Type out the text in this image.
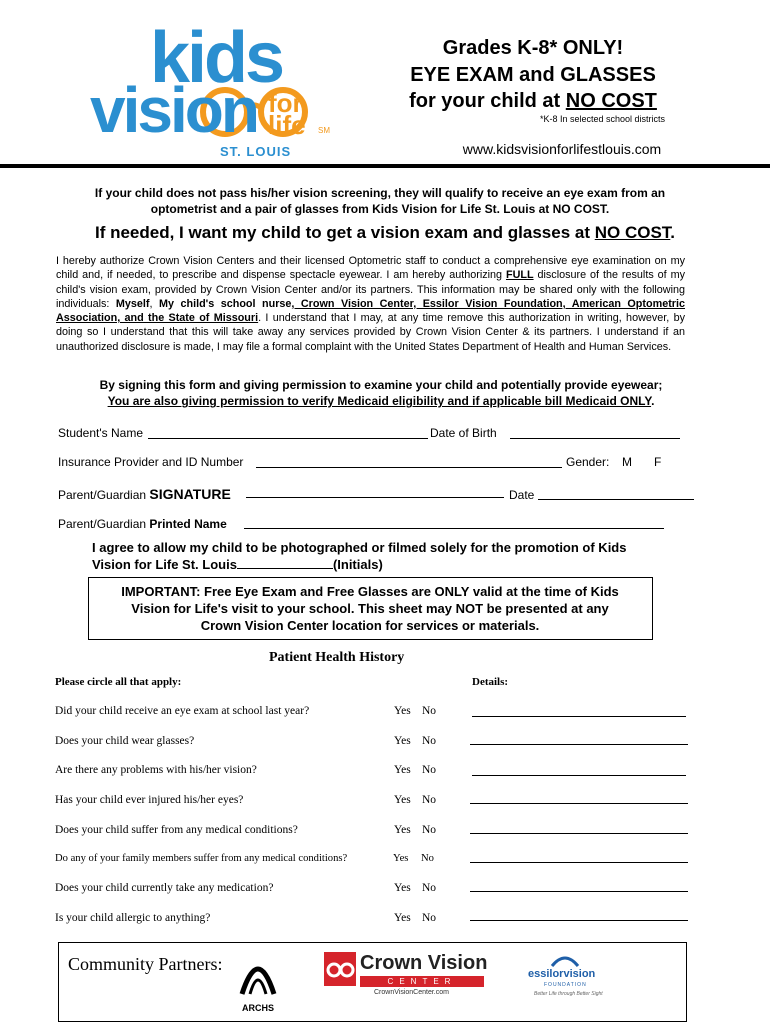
kids
vision for
life SM
ST. LOUIS
Grades K-8* ONLY!
EYE EXAM and GLASSES
for your child at NO COST
*K-8 In selected school districts
www.kidsvisionforlifestlouis.com
If your child does not pass his/her vision screening, they will qualify to receive an eye exam from an optometrist and a pair of glasses from Kids Vision for Life St. Louis at NO COST.
If needed, I want my child to get a vision exam and glasses at NO COST.
I hereby authorize Crown Vision Centers and their licensed Optometric staff to conduct a comprehensive eye examination on my child and, if needed, to prescribe and dispense spectacle eyewear. I am hereby authorizing FULL disclosure of the results of my child's vision exam, provided by Crown Vision Center and/or its partners. This information may be shared only with the following individuals: Myself, My child's school nurse, Crown Vision Center, Essilor Vision Foundation, American Optometric Association, and the State of Missouri. I understand that I may, at any time remove this authorization in writing, however, by doing so I understand that this will take away any services provided by Crown Vision Center & its partners. I understand if an unauthorized disclosure is made, I may file a formal complaint with the United States Department of Health and Human Services.
By signing this form and giving permission to examine your child and potentially provide eyewear;
You are also giving permission to verify Medicaid eligibility and if applicable bill Medicaid ONLY.
Student's Name	Date of Birth
Insurance Provider and ID Number	Gender: M F
Parent/Guardian SIGNATURE	Date
Parent/Guardian Printed Name
I agree to allow my child to be photographed or filmed solely for the promotion of Kids
Vision for Life St. Louis	(Initials)
IMPORTANT: Free Eye Exam and Free Glasses are ONLY valid at the time of Kids
Vision for Life's visit to your school. This sheet may NOT be presented at any
Crown Vision Center location for services or materials.
Patient Health History
Please circle all that apply:	Details:
Did your child receive an eye exam at school last year?	Yes No
Does your child wear glasses?	Yes No
Are there any problems with his/her vision?	Yes No
Has your child ever injured his/her eyes?	Yes No
Does your child suffer from any medical conditions?	Yes No
Do any of your family members suffer from any medical conditions?	Yes No
Does your child currently take any medication?	Yes No
Is your child allergic to anything?	Yes No
Community Partners:
ARCHS
Crown Vision
CENTER
CrownVisionCenter.com
essilorvision
FOUNDATION
Better Life through Better Sight
